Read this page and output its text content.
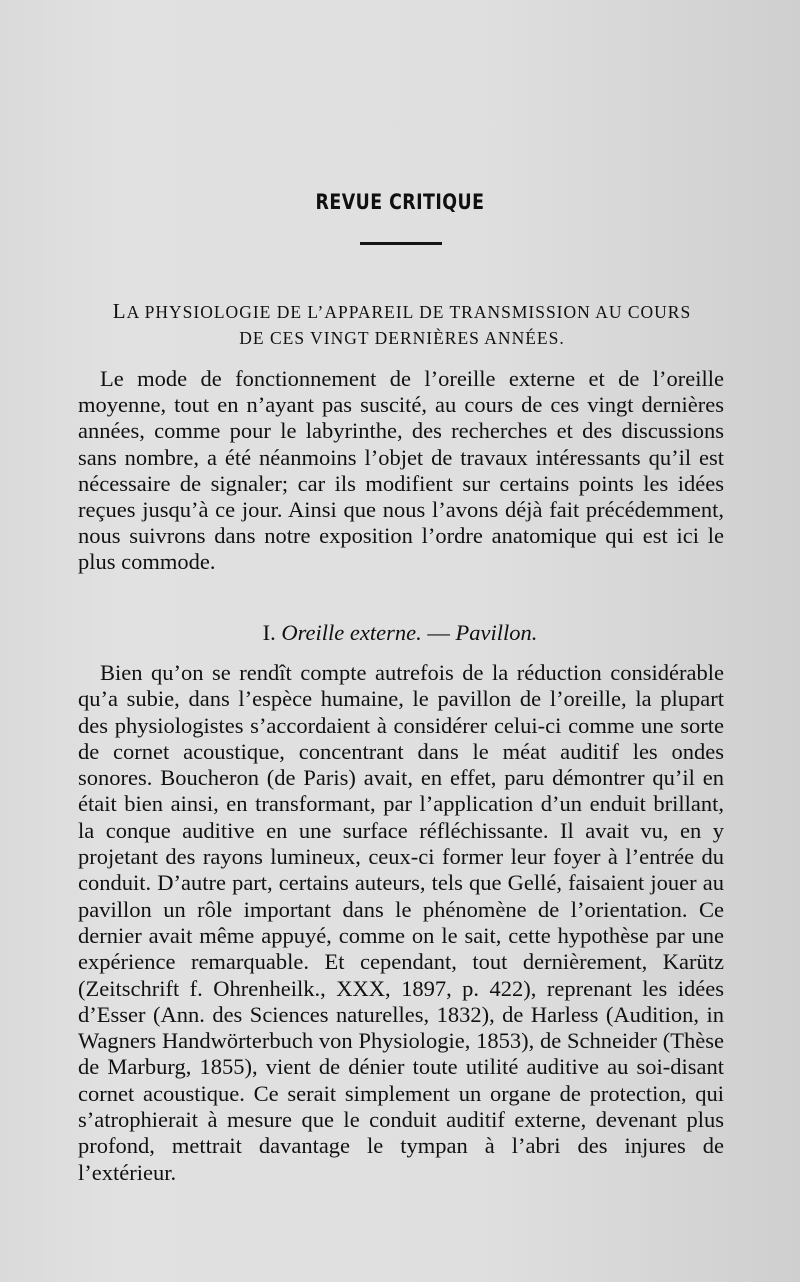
REVUE CRITIQUE
LA PHYSIOLOGIE DE L’APPAREIL DE TRANSMISSION AU COURS
DE CES VINGT DERNIÈRES ANNÉES.

Le mode de fonctionnement de l’oreille externe et de l’oreille moyenne, tout en n’ayant pas suscité, au cours de ces vingt dernières années, comme pour le labyrinthe, des recherches et des discussions sans nombre, a été néanmoins l’objet de travaux intéressants qu’il est nécessaire de signaler; car ils modifient sur certains points les idées reçues jusqu’à ce jour. Ainsi que nous l’avons déjà fait précédemment, nous suivrons dans notre exposition l’ordre anatomique qui est ici le plus commode.

I. Oreille externe. — Pavillon.

Bien qu’on se rendît compte autrefois de la réduction considérable qu’a subie, dans l’espèce humaine, le pavillon de l’oreille, la plupart des physiologistes s’accordaient à considérer celui-ci comme une sorte de cornet acoustique, concentrant dans le méat auditif les ondes sonores. Boucheron (de Paris) avait, en effet, paru démontrer qu’il en était bien ainsi, en transformant, par l’application d’un enduit brillant, la conque auditive en une surface réfléchissante. Il avait vu, en y projetant des rayons lumineux, ceux-ci former leur foyer à l’entrée du conduit. D’autre part, certains auteurs, tels que Gellé, faisaient jouer au pavillon un rôle important dans le phénomène de l’orientation. Ce dernier avait même appuyé, comme on le sait, cette hypothèse par une expérience remarquable. Et cependant, tout dernièrement, Karütz (Zeitschrift f. Ohrenheilk., XXX, 1897, p. 422), reprenant les idées d’Esser (Ann. des Sciences naturelles, 1832), de Harless (Audition, in Wagners Handwörterbuch von Physiologie, 1853), de Schneider (Thèse de Marburg, 1855), vient de dénier toute utilité auditive au soi-disant cornet acoustique. Ce serait simplement un organe de protection, qui s’atrophierait à mesure que le conduit auditif externe, devenant plus profond, mettrait davantage le tympan à l’abri des injures de l’extérieur.
